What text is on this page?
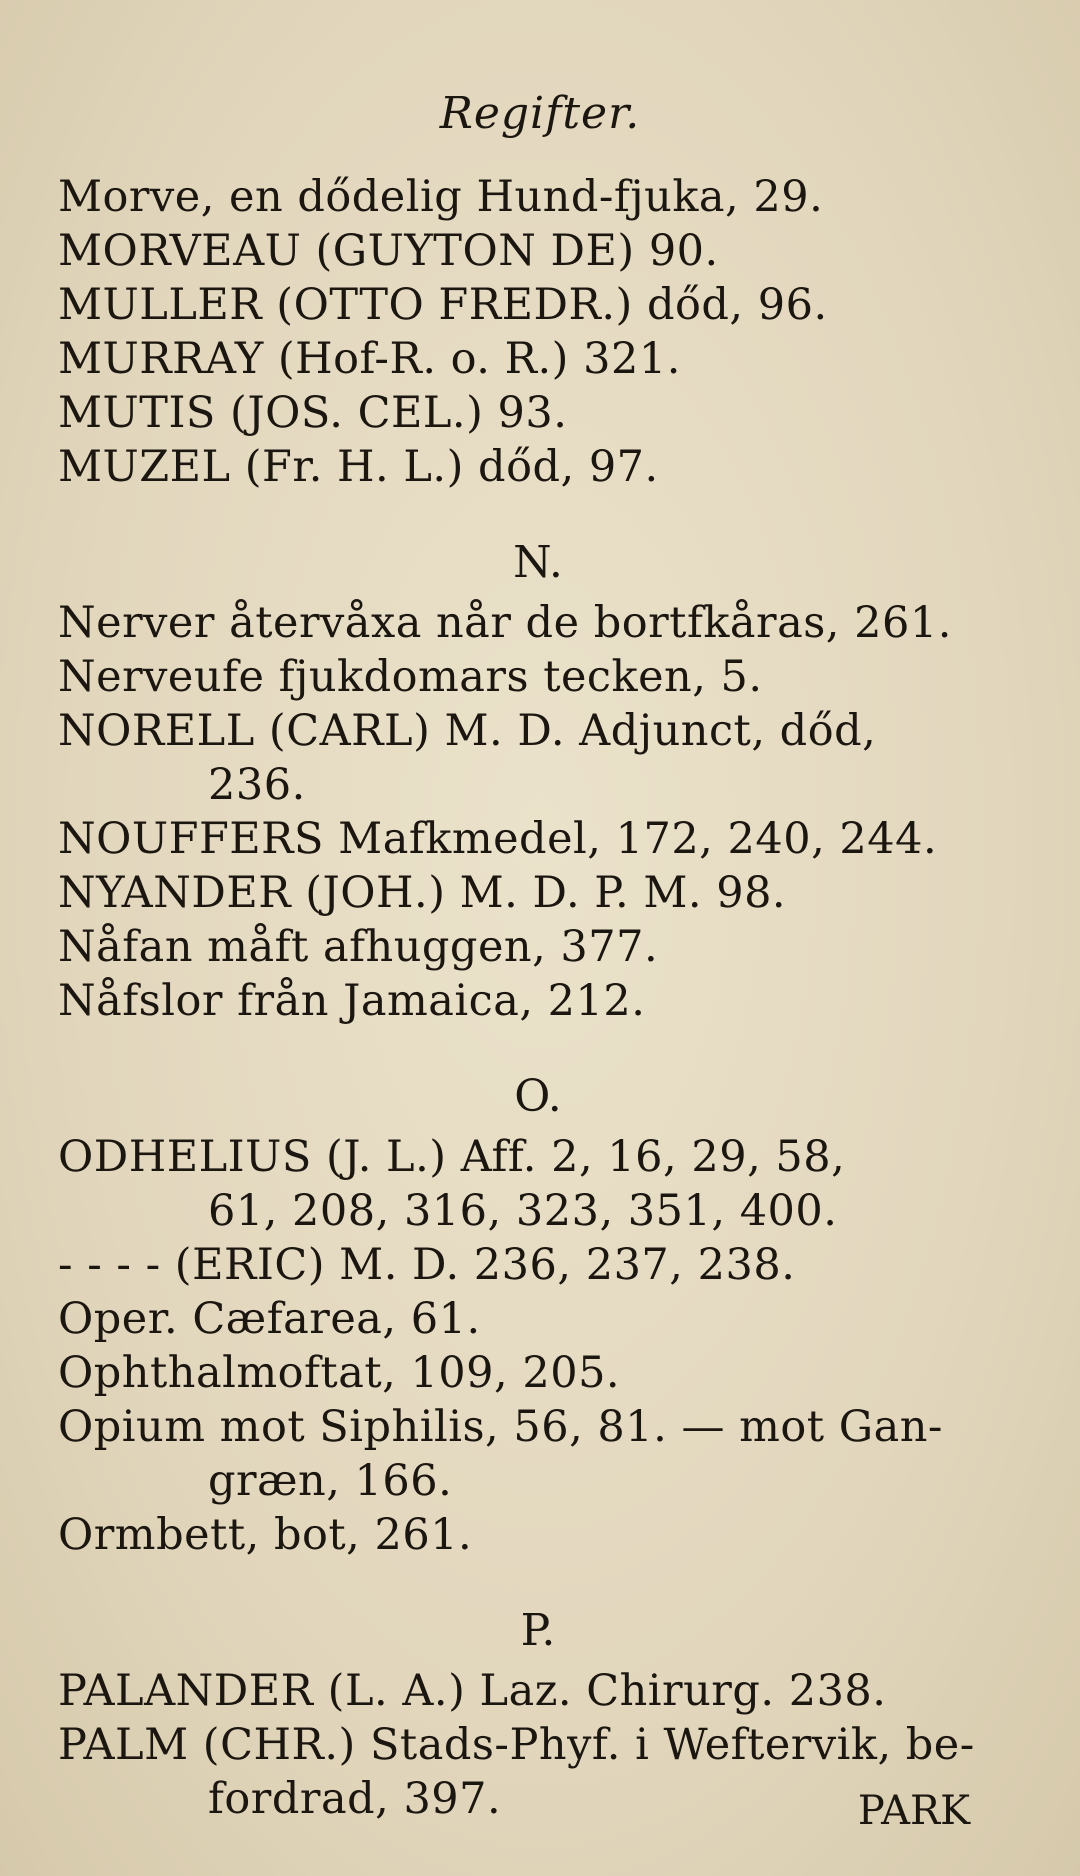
Regifter.
Morve, en dődelig Hund-fjuka, 29.
MORVEAU (GUYTON DE) 90.
MULLER (OTTO FREDR.) dőd, 96.
MURRAY (Hof-R. o. R.) 321.
MUTIS (JOS. CEL.) 93.
MUZEL (Fr. H. L.) dőd, 97.
N.
Nerver återvåxa når de bortfkåras, 261.
Nerveufe fjukdomars tecken, 5.
NORELL (CARL) M. D. Adjunct, dőd,
236.
NOUFFERS Mafkmedel, 172, 240, 244.
NYANDER (JOH.) M. D. P. M. 98.
Nåfan måft afhuggen, 377.
Nåfslor från Jamaica, 212.
O.
ODHELIUS (J. L.) Aff. 2, 16, 29, 58,
61, 208, 316, 323, 351, 400.
- - - - (ERIC) M. D. 236, 237, 238.
Oper. Cæfarea, 61.
Ophthalmoftat, 109, 205.
Opium mot Siphilis, 56, 81. — mot Gan-
græn, 166.
Ormbett, bot, 261.
P.
PALANDER (L. A.) Laz. Chirurg. 238.
PALM (CHR.) Stads-Phyf. i Weftervik, be-
fordrad, 397.	PARK
